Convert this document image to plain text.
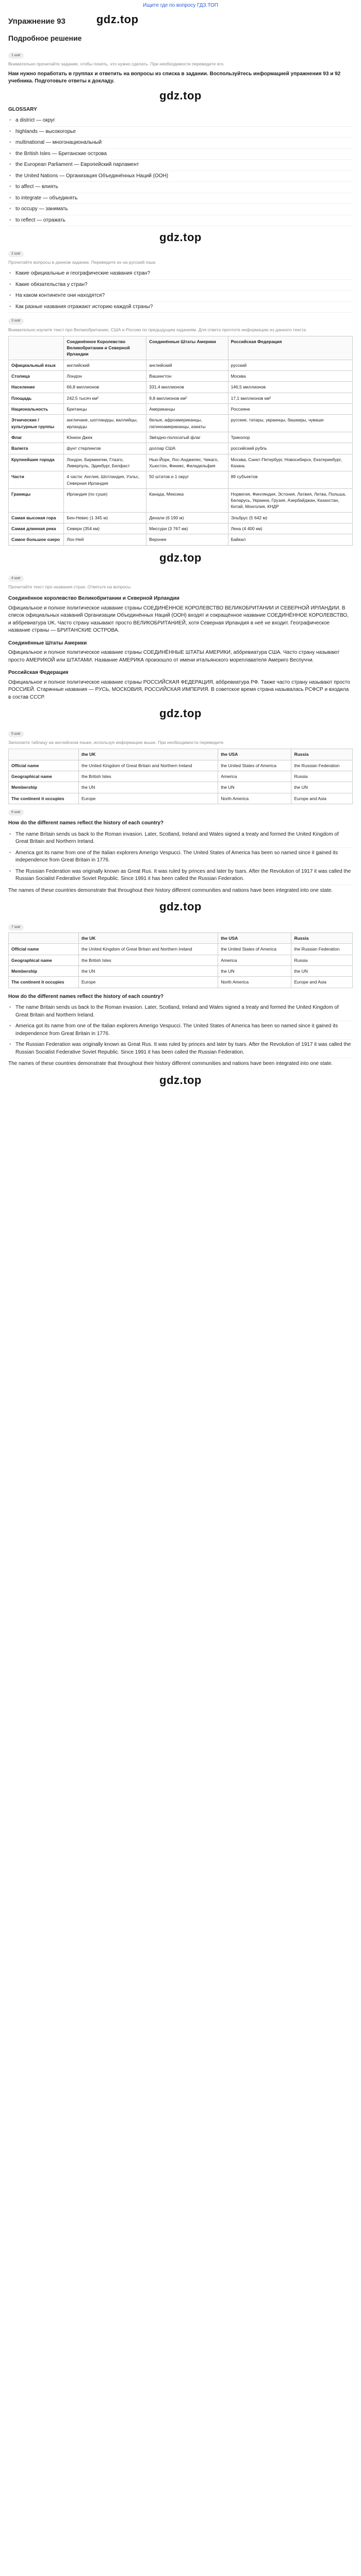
Ищите где по вопросу ГДЗ.ТОП
Упражнение 93	gdz.top
Подробное решение
1 шаг

Внимательно прочитайте задание, чтобы понять, что нужно сделать. При необходимости переведите его.

Нам нужно поработать в группах и ответить на вопросы из списка в задании. Воспользуйтесь информацией упражнения 93 и 92 учебника. Подготовьте ответы к докладу.

gdz.top
GLOSSARY
• a district — округ
• highlands — высокогорье
• multinational — многонациональный
• the British Isles — Британские острова
• the European Parliament — Европейский парламент
• the United Nations — Организация Объединённых Наций (ООН)
• to affect — влиять
• to integrate — объединять
• to occupy — занимать
• to reflect — отражать
gdz.top
2 шаг

Прочитайте вопросы в данном задании. Переведите их на русский язык.

• Какие официальные и географические названия стран?
• Какие обязательства у стран?
• На каком континенте они находятся?
• Как разные названия отражают историю каждой страны?
3 шаг

Внимательно изучите текст про Великобританию, США и Россию по предыдущим заданиям. Для ответа прочтите информацию из данного текста.

	Соединённое Королевство Великобритании и Северной Ирландии	Соединённые Штаты Америки	Российская Федерация
Официальный язык	английский	английский	русский
Столица	Лондон	Вашингтон	Москва
Население	66,8 миллионов	331,4 миллионов	146,5 миллионов
Площадь	242,5 тысяч км²	9,8 миллионов км²	17,1 миллионов км²
Национальность	Британцы	Американцы	Россияне
Этнические / культурные группы	англичане, шотландцы, валлийцы, ирландцы	белые, афроамериканцы, латиноамериканцы, азиаты	русские, татары, украинцы, башкиры, чуваши
Флаг	Юнион Джек	Звёздно-полосатый флаг	Триколор
Валюта	фунт стерлингов	доллар США	российский рубль
Крупнейшие города	Лондон, Бирмингем, Глазго, Ливерпуль, Эдинбург, Белфаст	Нью-Йорк, Лос-Анджелес, Чикаго, Хьюстон, Финикс, Филадельфия	Москва, Санкт-Петербург, Новосибирск, Екатеринбург, Казань
Части	4 части: Англия, Шотландия, Уэльс, Северная Ирландия	50 штатов и 1 округ	89 субъектов
Границы	Ирландия (по суше)	Канада, Мексика	Норвегия, Финляндия, Эстония, Латвия, Литва, Польша, Беларусь, Украина, Грузия, Азербайджан, Казахстан, Китай, Монголия, КНДР
Самая высокая гора	Бен-Невис (1 345 м)	Денали (6 190 м)	Эльбрус (5 642 м)
Самая длинная река	Северн (354 км)	Миссури (3 767 км)	Лена (4 400 км)
Самое большое озеро	Лох-Ней	Верхнее	Байкал
gdz.top
4 шаг

Прочитайте текст про названия стран. Ответьте на вопросы.

Соединённое королевство Великобритании и Северной Ирландии

Официальное и полное политическое название страны СОЕДИНЁННОЕ КОРОЛЕВСТВО ВЕЛИКОБРИТАНИИ И СЕВЕРНОЙ ИРЛАНДИИ. В список официальных названий Организации Объединённых Наций (ООН) входят и сокращённое название СОЕДИНЁННОЕ КОРОЛЕВСТВО, и аббревиатура UK. Часто страну называют просто ВЕЛИКОБРИТАНИЕЙ, хотя Северная Ирландия в неё не входит. Географическое название страны — БРИТАНСКИЕ ОСТРОВА.

Соединённые Штаты Америки

Официальное и полное политическое название страны СОЕДИНЁННЫЕ ШТАТЫ АМЕРИКИ, аббревиатура США. Часто страну называют просто АМЕРИКОЙ или ШТАТАМИ. Название АМЕРИКА произошло от имени итальянского мореплавателя Америго Веспуччи.

Российская Федерация

Официальное и полное политическое название страны РОССИЙСКАЯ ФЕДЕРАЦИЯ, аббревиатура РФ. Также часто страну называют просто РОССИЕЙ. Старинные названия — РУСЬ, МОСКОВИЯ, РОССИЙСКАЯ ИМПЕРИЯ. В советское время страна называлась РСФСР и входила в состав СССР.

gdz.top
5 шаг

Заполните таблицу на английском языке, используя информацию выше. При необходимости переведите.

	the UK	the USA	Russia
Official name	the United Kingdom of Great Britain and Northern Ireland	the United States of America	the Russian Federation
Geographical name	the British Isles	America	Russia
Membership	the UN	the UN	the UN
The continent it occupies	Europe	North America	Europe and Asia
6 шаг

How do the different names reflect the history of each country?

• The name Britain sends us back to the Roman invasion. Later, Scotland, Ireland and Wales signed a treaty and formed the United Kingdom of Great Britain and Northern Ireland.
• America got its name from one of the Italian explorers Amerigo Vespucci. The United States of America has been so named since it gained its independence from Great Britain in 1776.
• The Russian Federation was originally known as Great Rus. It was ruled by princes and later by tsars. After the Revolution of 1917 it was called the Russian Socialist Federative Soviet Republic. Since 1991 it has been called the Russian Federation.

The names of these countries demonstrate that throughout their history different communities and nations have been integrated into one state.

gdz.top
7 шаг
	the UK	the USA	Russia
Official name	the United Kingdom of Great Britain and Northern Ireland	the United States of America	the Russian Federation
Geographical name	the British Isles	America	Russia
Membership	the UN	the UN	the UN
The continent it occupies	Europe	North America	Europe and Asia

How do the different names reflect the history of each country?

• The name Britain sends us back to the Roman invasion. Later, Scotland, Ireland and Wales signed a treaty and formed the United Kingdom of Great Britain and Northern Ireland.
• America got its name from one of the Italian explorers Amerigo Vespucci. The United States of America has been so named since it gained its independence from Great Britain in 1776.
• The Russian Federation was originally known as Great Rus. It was ruled by princes and later by tsars. After the Revolution of 1917 it was called the Russian Socialist Federative Soviet Republic. Since 1991 it has been called the Russian Federation.

The names of these countries demonstrate that throughout their history different communities and nations have been integrated into one state.

gdz.top
